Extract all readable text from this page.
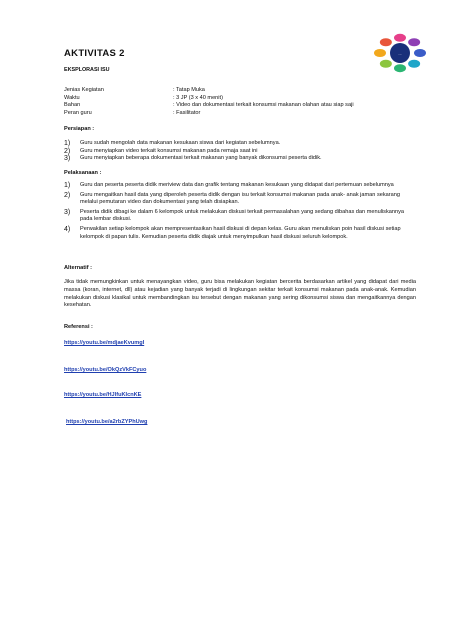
...
AKTIVITAS 2
EKSPLORASI ISU
Jenias Kegiatan	: Tatap Muka
Waktu	: 3 JP (3 x 40 menit)
Bahan	: Video dan dokumentasi terkait konsumsi makanan olahan atau siap saji
Peran guru	: Fasilitator
Persiapan :
1)	Guru sudah mengolah data makanan kesukaan siswa dari kegiatan sebelumnya.
2)	Guru menyiapkan video terkait konsumsi makanan pada remaja saat ini
3)	Guru menyiapkan beberapa dokumentasi terkait makanan yang banyak dikonsumsi peserta didik.
Pelaksanaan :
1)	Guru dan peserta peserta didik meriview data dan grafik tentang makanan kesukaan yang didapat dari pertemuan sebelumnya
2)	Guru mengaitkan hasil data yang diperoleh peserta didik dengan isu terkait konsumsi makanan pada anak- anak jaman sekarang melalui pemutaran video dan dokumentasi yang telah disiapkan.
3)	Peserta didik dibagi ke dalam 6 kelompok untuk melakukan diskusi terkait permasalahan yang sedang dibahas dan menuliskannya pada lembar diskusi.
4)	Perwakilan setiap kelompok akan mempresentasikan hasil diskusi di depan kelas. Guru akan menuliskan poin hasil diskusi setiap kelompok di papan tulis. Kemudian peserta didik diajak untuk menyimpulkan hasil diskusi seluruh kelompok.
Alternatif :
Jika tidak memungkinkan untuk menayangkan video, guru bisa melakukan kegiatan bercerita berdasarkan artikel yang didapat dari media massa (koran, internet, dll) atau kejadian yang banyak terjadi di lingkungan sekitar terkait konsumsi makanan pada anak-anak. Kemudian melakukan diskusi klasikal untuk membandingkan isu tersebut dengan makanan yang sering dikonsumsi siswa dan mengaitkannya dengan kesehatan.
Referensi :
https://youtu.be/mdjaeKvumgI
https://youtu.be/OkQzVkFCyuo
https://youtu.be/HJlfuKIcnKE
https://youtu.be/a2rbZYPhUwg
